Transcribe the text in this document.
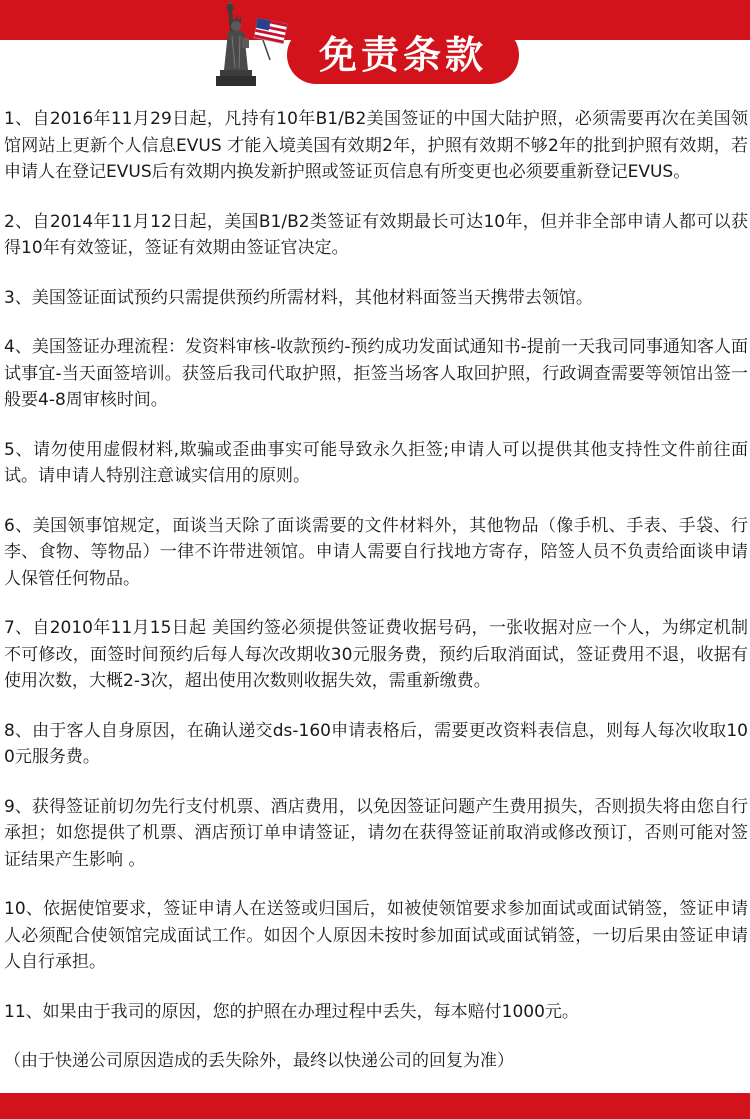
免责条款

1、自2016年11月29日起，凡持有10年B1/B2美国签证的中国大陆护照，必须需要再次在美国领馆网站上更新个人信息EVUS 才能入境美国有效期2年，护照有效期不够2年的批到护照有效期，若申请人在登记EVUS后有效期内换发新护照或签证页信息有所变更也必须要重新登记EVUS。

2、自2014年11月12日起，美国B1/B2类签证有效期最长可达10年，但并非全部申请人都可以获得10年有效签证，签证有效期由签证官决定。

3、美国签证面试预约只需提供预约所需材料，其他材料面签当天携带去领馆。

4、美国签证办理流程：发资料审核-收款预约-预约成功发面试通知书-提前一天我司同事通知客人面试事宜-当天面签培训。获签后我司代取护照，拒签当场客人取回护照，行政调查需要等领馆出签一般要4-8周审核时间。

5、请勿使用虚假材料,欺骗或歪曲事实可能导致永久拒签;申请人可以提供其他支持性文件前往面试。请申请人特别注意诚实信用的原则。

6、美国领事馆规定，面谈当天除了面谈需要的文件材料外，其他物品（像手机、手表、手袋、行李、食物、等物品）一律不许带进领馆。申请人需要自行找地方寄存，陪签人员不负责给面谈申请人保管任何物品。

7、自2010年11月15日起 美国约签必须提供签证费收据号码，一张收据对应一个人，为绑定机制不可修改，面签时间预约后每人每次改期收30元服务费，预约后取消面试，签证费用不退，收据有使用次数，大概2-3次，超出使用次数则收据失效，需重新缴费。

8、由于客人自身原因，在确认递交ds-160申请表格后，需要更改资料表信息，则每人每次收取100元服务费。

9、获得签证前切勿先行支付机票、酒店费用，以免因签证问题产生费用损失，否则损失将由您自行承担；如您提供了机票、酒店预订单申请签证，请勿在获得签证前取消或修改预订，否则可能对签证结果产生影响 。

10、依据使馆要求，签证申请人在送签或归国后，如被使领馆要求参加面试或面试销签，签证申请人必须配合使领馆完成面试工作。如因个人原因未按时参加面试或面试销签，一切后果由签证申请人自行承担。

11、如果由于我司的原因，您的护照在办理过程中丢失，每本赔付1000元。

（由于快递公司原因造成的丢失除外，最终以快递公司的回复为准）
